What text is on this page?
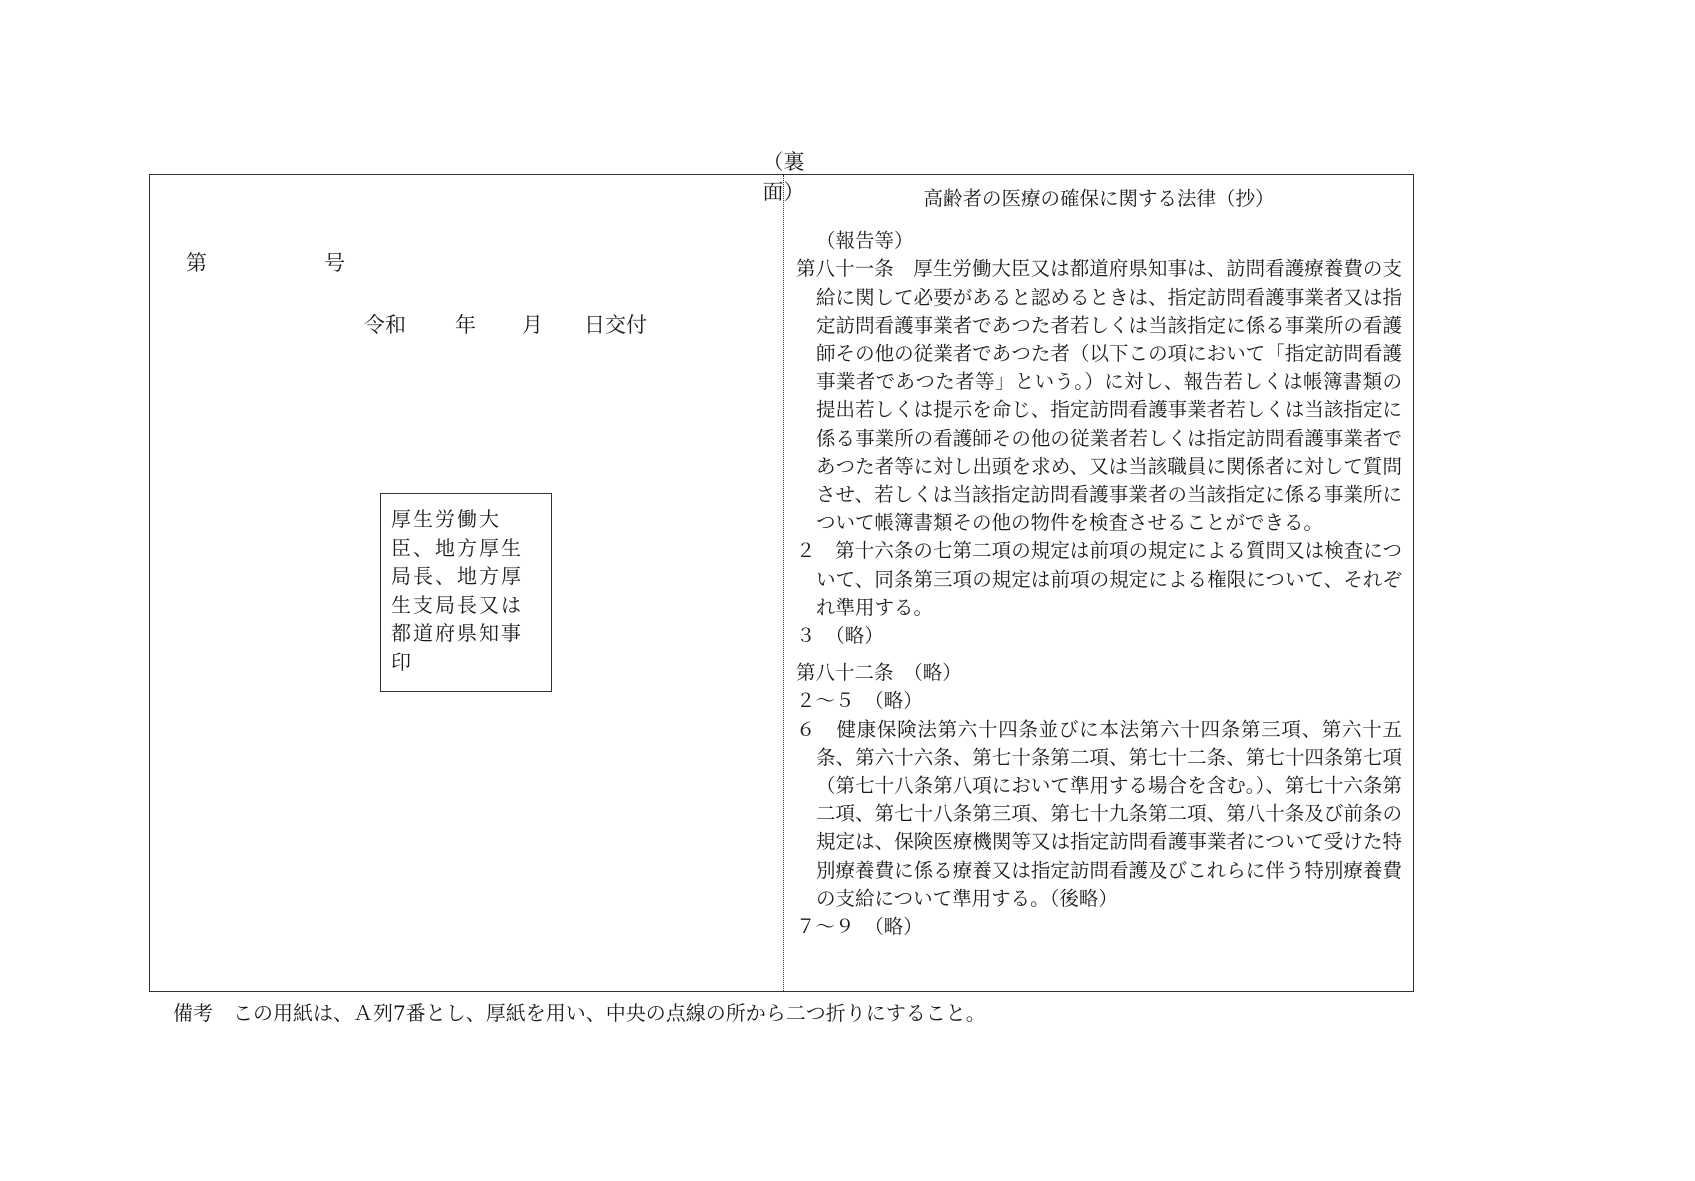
（裏　　面）
第	号
令和 年 月 日交付
厚生労働大
臣、地方厚生
局長、地方厚
生支局長又は
都道府県知事
印
高齢者の医療の確保に関する法律（抄）
（報告等）
第八十一条　厚生労働大臣又は都道府県知事は、訪問看護療養費の支給に関して必要があると認めるときは、指定訪問看護事業者又は指定訪問看護事業者であつた者若しくは当該指定に係る事業所の看護師その他の従業者であつた者（以下この項において「指定訪問看護事業者であつた者等」という。）に対し、報告若しくは帳簿書類の提出若しくは提示を命じ、指定訪問看護事業者若しくは当該指定に係る事業所の看護師その他の従業者若しくは指定訪問看護事業者であつた者等に対し出頭を求め、又は当該職員に関係者に対して質問させ、若しくは当該指定訪問看護事業者の当該指定に係る事業所について帳簿書類その他の物件を検査させることができる。
２　第十六条の七第二項の規定は前項の規定による質問又は検査について、同条第三項の規定は前項の規定による権限について、それぞれ準用する。
３　（略）
第八十二条　（略）
２～５　（略）
６　健康保険法第六十四条並びに本法第六十四条第三項、第六十五条、第六十六条、第七十条第二項、第七十二条、第七十四条第七項（第七十八条第八項において準用する場合を含む。）、第七十六条第二項、第七十八条第三項、第七十九条第二項、第八十条及び前条の規定は、保険医療機関等又は指定訪問看護事業者について受けた特別療養費に係る療養又は指定訪問看護及びこれらに伴う特別療養費の支給について準用する。（後略）
７～９　（略）
備考　この用紙は、Ａ列7番とし、厚紙を用い、中央の点線の所から二つ折りにすること。
